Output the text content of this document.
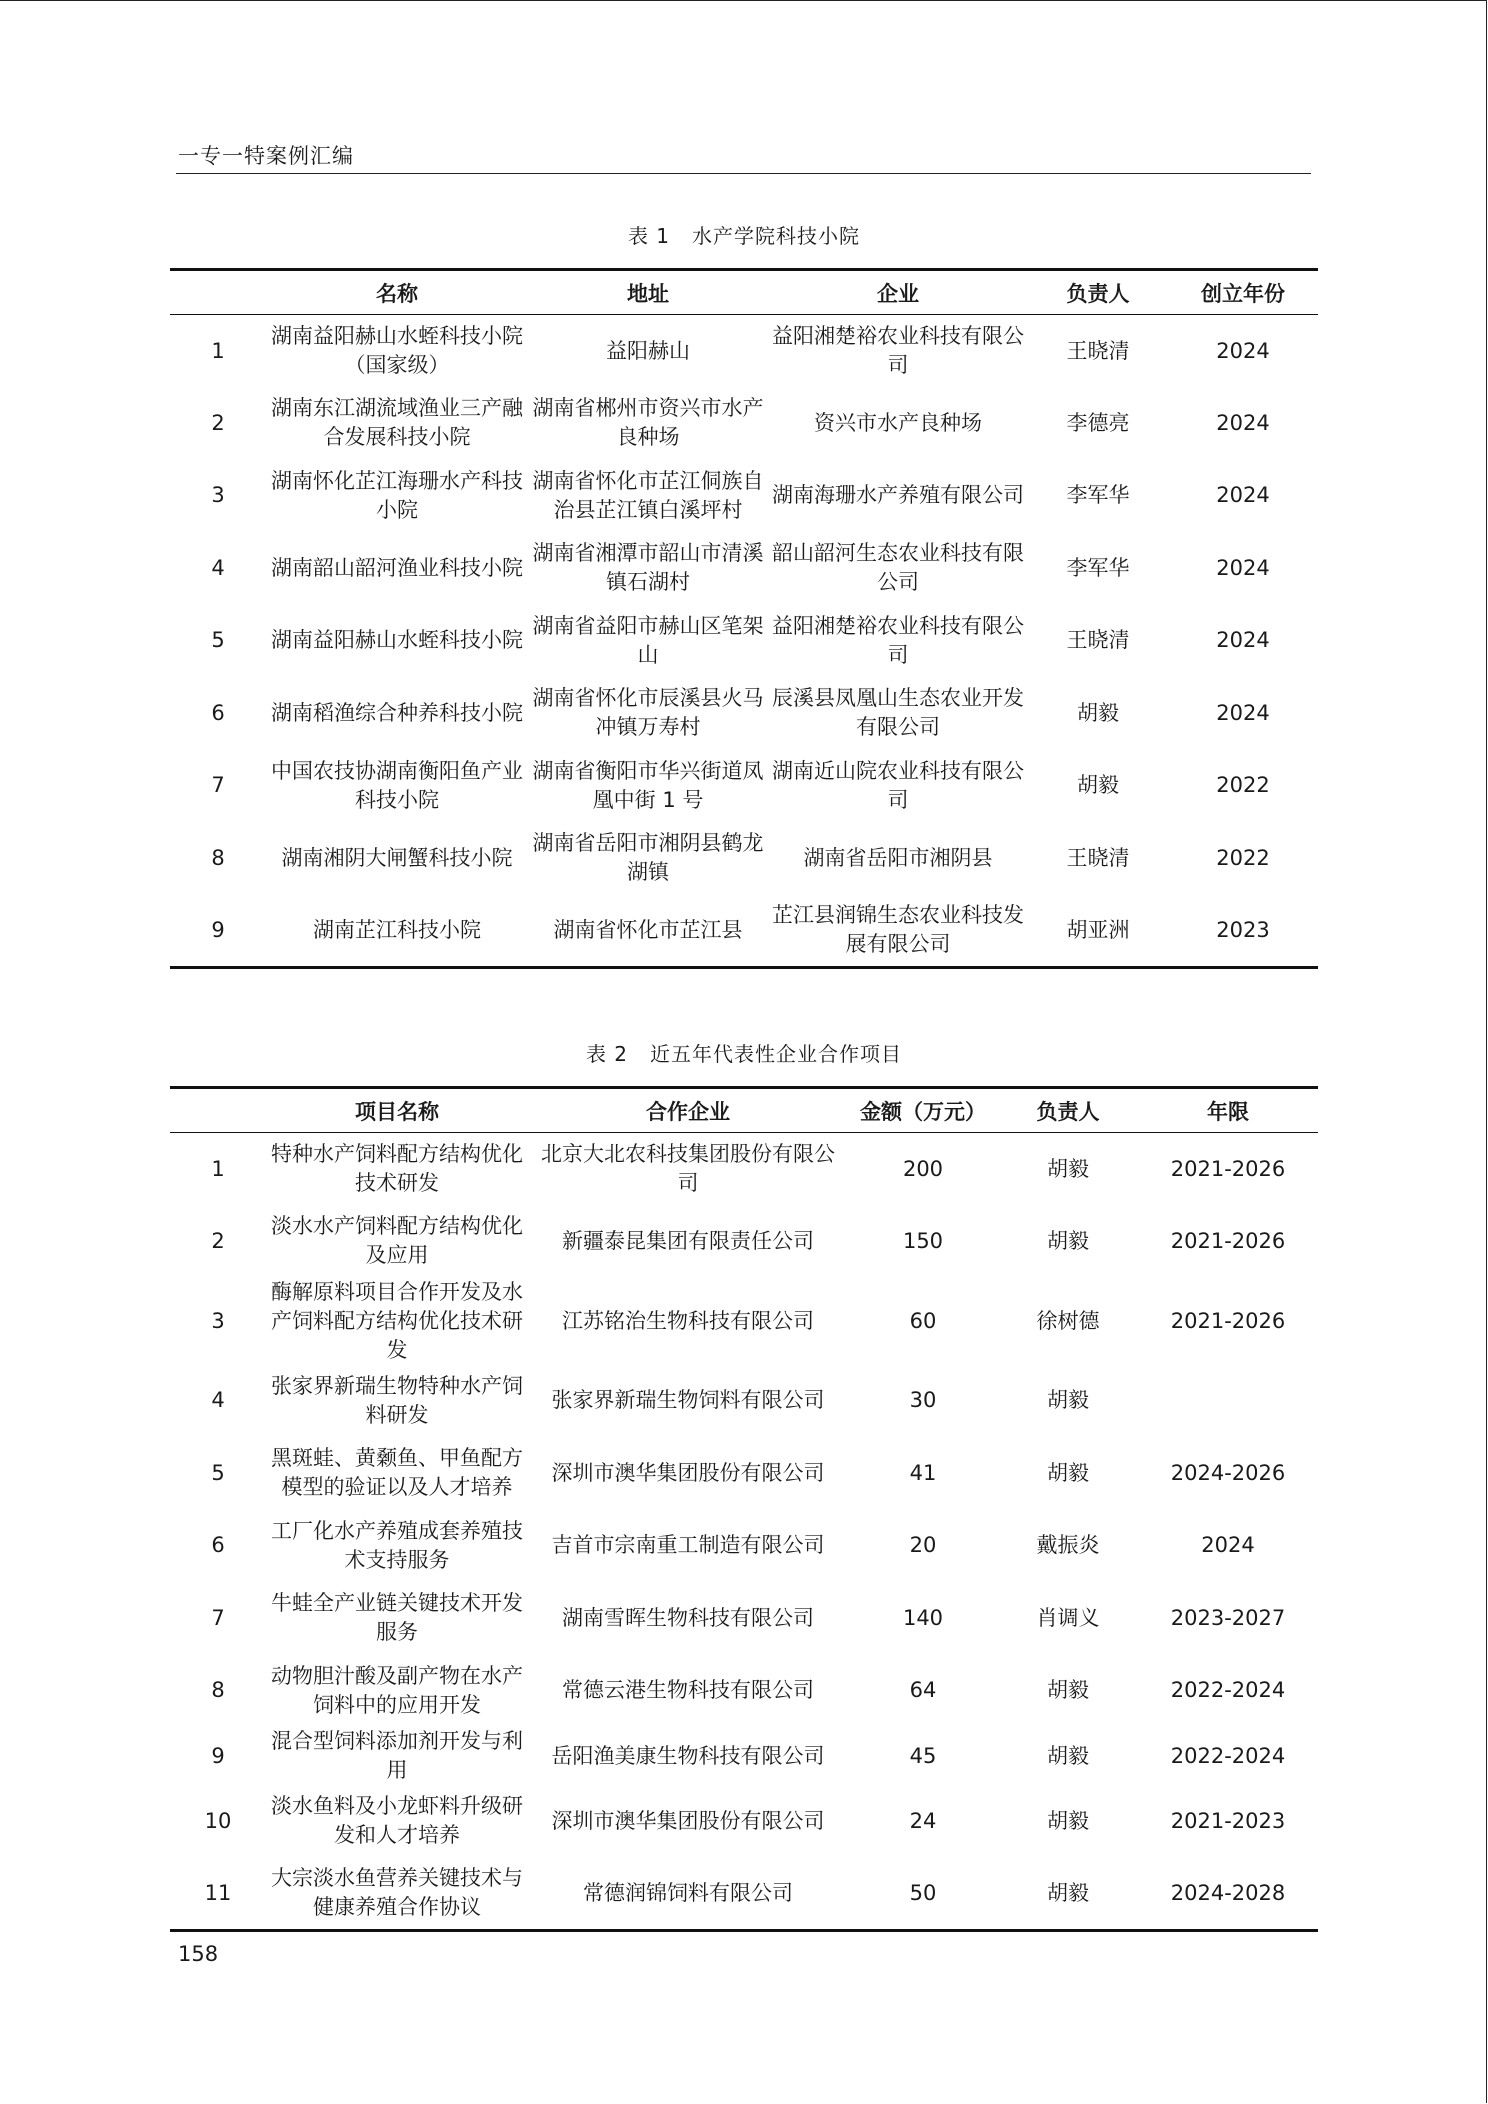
一专一特案例汇编
表 1 水产学院科技小院
	名称	地址	企业	负责人	创立年份
1	湖南益阳赫山水蛭科技小院（国家级）	益阳赫山	益阳湘楚裕农业科技有限公司	王晓清	2024
2	湖南东江湖流域渔业三产融合发展科技小院	湖南省郴州市资兴市水产良种场	资兴市水产良种场	李德亮	2024
3	湖南怀化芷江海珊水产科技小院	湖南省怀化市芷江侗族自治县芷江镇白溪坪村	湖南海珊水产养殖有限公司	李军华	2024
4	湖南韶山韶河渔业科技小院	湖南省湘潭市韶山市清溪镇石湖村	韶山韶河生态农业科技有限公司	李军华	2024
5	湖南益阳赫山水蛭科技小院	湖南省益阳市赫山区笔架山	益阳湘楚裕农业科技有限公司	王晓清	2024
6	湖南稻渔综合种养科技小院	湖南省怀化市辰溪县火马冲镇万寿村	辰溪县凤凰山生态农业开发有限公司	胡毅	2024
7	中国农技协湖南衡阳鱼产业科技小院	湖南省衡阳市华兴街道凤凰中街 1 号	湖南近山院农业科技有限公司	胡毅	2022
8	湖南湘阴大闸蟹科技小院	湖南省岳阳市湘阴县鹤龙湖镇	湖南省岳阳市湘阴县	王晓清	2022
9	湖南芷江科技小院	湖南省怀化市芷江县	芷江县润锦生态农业科技发展有限公司	胡亚洲	2023
表 2 近五年代表性企业合作项目
	项目名称	合作企业	金额（万元）	负责人	年限
1	特种水产饲料配方结构优化技术研发	北京大北农科技集团股份有限公司	200	胡毅	2021-2026
2	淡水水产饲料配方结构优化及应用	新疆泰昆集团有限责任公司	150	胡毅	2021-2026
3	酶解原料项目合作开发及水产饲料配方结构优化技术研发	江苏铭治生物科技有限公司	60	徐树德	2021-2026
4	张家界新瑞生物特种水产饲料研发	张家界新瑞生物饲料有限公司	30	胡毅	
5	黑斑蛙、黄颡鱼、甲鱼配方模型的验证以及人才培养	深圳市澳华集团股份有限公司	41	胡毅	2024-2026
6	工厂化水产养殖成套养殖技术支持服务	吉首市宗南重工制造有限公司	20	戴振炎	2024
7	牛蛙全产业链关键技术开发服务	湖南雪晖生物科技有限公司	140	肖调义	2023-2027
8	动物胆汁酸及副产物在水产饲料中的应用开发	常德云港生物科技有限公司	64	胡毅	2022-2024
9	混合型饲料添加剂开发与利用	岳阳渔美康生物科技有限公司	45	胡毅	2022-2024
10	淡水鱼料及小龙虾料升级研发和人才培养	深圳市澳华集团股份有限公司	24	胡毅	2021-2023
11	大宗淡水鱼营养关键技术与健康养殖合作协议	常德润锦饲料有限公司	50	胡毅	2024-2028
158
